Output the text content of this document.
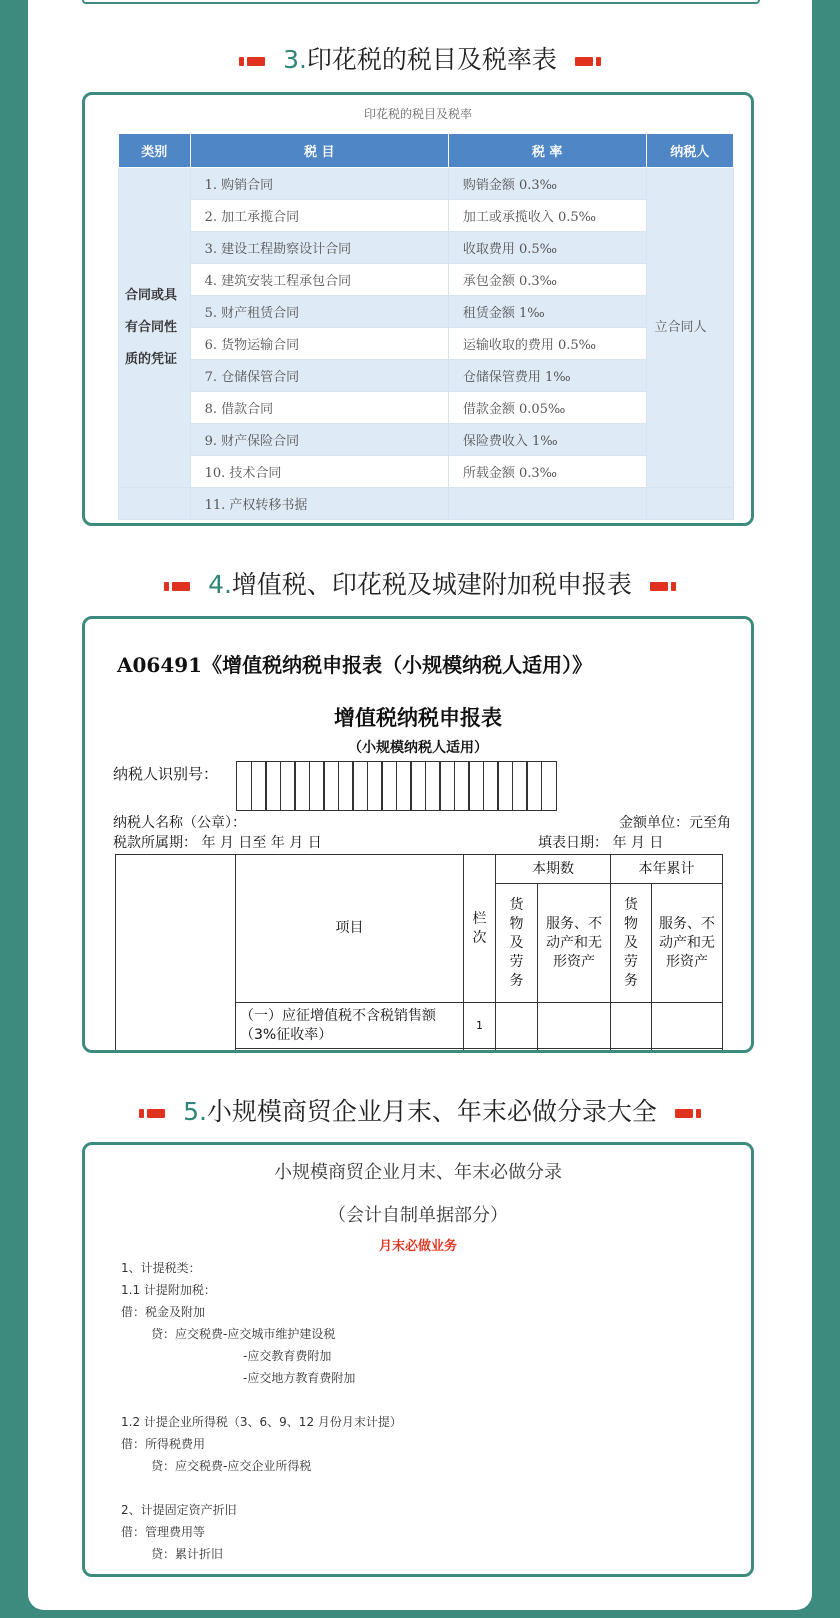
3.印花税的税目及税率表
印花税的税目及税率
类别	税 目	税 率	纳税人
合同或具有合同性质的凭证	1. 购销合同	购销金额 0.3‰	立合同人
	2. 加工承揽合同	加工或承揽收入 0.5‰	
	3. 建设工程勘察设计合同	收取费用 0.5‰	
	4. 建筑安装工程承包合同	承包金额 0.3‰	
	5. 财产租赁合同	租赁金额 1‰	
	6. 货物运输合同	运输收取的费用 0.5‰	
	7. 仓储保管合同	仓储保管费用 1‰	
	8. 借款合同	借款金额 0.05‰	
	9. 财产保险合同	保险费收入 1‰	
	10. 技术合同	所载金额 0.3‰	
	11. 产权转移书据		
4.增值税、印花税及城建附加税申报表
A06491《增值税纳税申报表（小规模纳税人适用）》
增值税纳税申报表
（小规模纳税人适用）
纳税人识别号：
纳税人名称（公章）：	金额单位：元至角
税款所属期： 年 月 日至 年 月 日	填表日期： 年 月 日
	项目	栏次	本期数		本年累计	
			货物及劳务	服务、不动产和无形资产	货物及劳务	服务、不动产和无形资产

	（一）应征增值税不含税销售额（3%征收率）	1				

5.小规模商贸企业月末、年末必做分录大全
小规模商贸企业月末、年末必做分录
（会计自制单据部分）
月末必做业务
1、计提税类：
1.1 计提附加税：
借：税金及附加
贷：应交税费-应交城市维护建设税
-应交教育费附加
-应交地方教育费附加
1.2 计提企业所得税（3、6、9、12 月份月末计提）
借：所得税费用
贷：应交税费-应交企业所得税
2、计提固定资产折旧
借：管理费用等
贷：累计折旧
